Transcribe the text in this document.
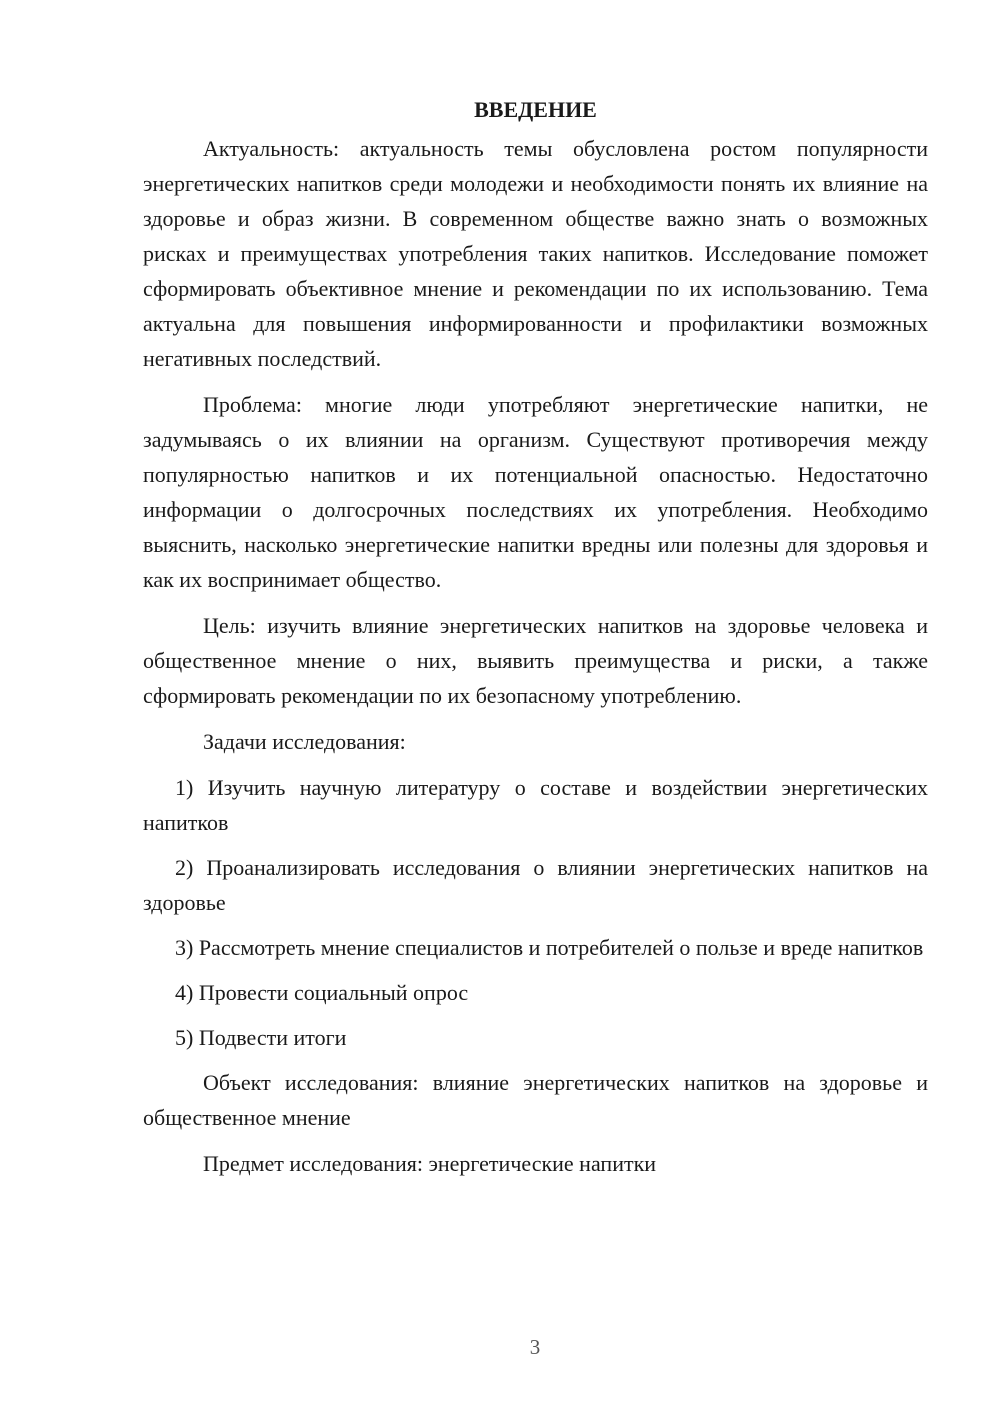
ВВЕДЕНИЕ

Актуальность: актуальность темы обусловлена ростом популярности энергетических напитков среди молодежи и необходимости понять их влияние на здоровье и образ жизни. В современном обществе важно знать о возможных рисках и преимуществах употребления таких напитков. Исследование поможет сформировать объективное мнение и рекомендации по их использованию. Тема актуальна для повышения информированности и профилактики возможных негативных последствий.

Проблема: многие люди употребляют энергетические напитки, не задумываясь о их влиянии на организм. Существуют противоречия между популярностью напитков и их потенциальной опасностью. Недостаточно информации о долгосрочных последствиях их употребления. Необходимо выяснить, насколько энергетические напитки вредны или полезны для здоровья и как их воспринимает общество.

Цель: изучить влияние энергетических напитков на здоровье человека и общественное мнение о них, выявить преимущества и риски, а также сформировать рекомендации по их безопасному употреблению.

Задачи исследования:

1) Изучить научную литературу о составе и воздействии энергетических напитков

2) Проанализировать исследования о влиянии энергетических напитков на здоровье

3) Рассмотреть мнение специалистов и потребителей о пользе и вреде напитков

4) Провести социальный опрос

5) Подвести итоги

Объект исследования: влияние энергетических напитков на здоровье и общественное мнение

Предмет исследования: энергетические напитки

3
